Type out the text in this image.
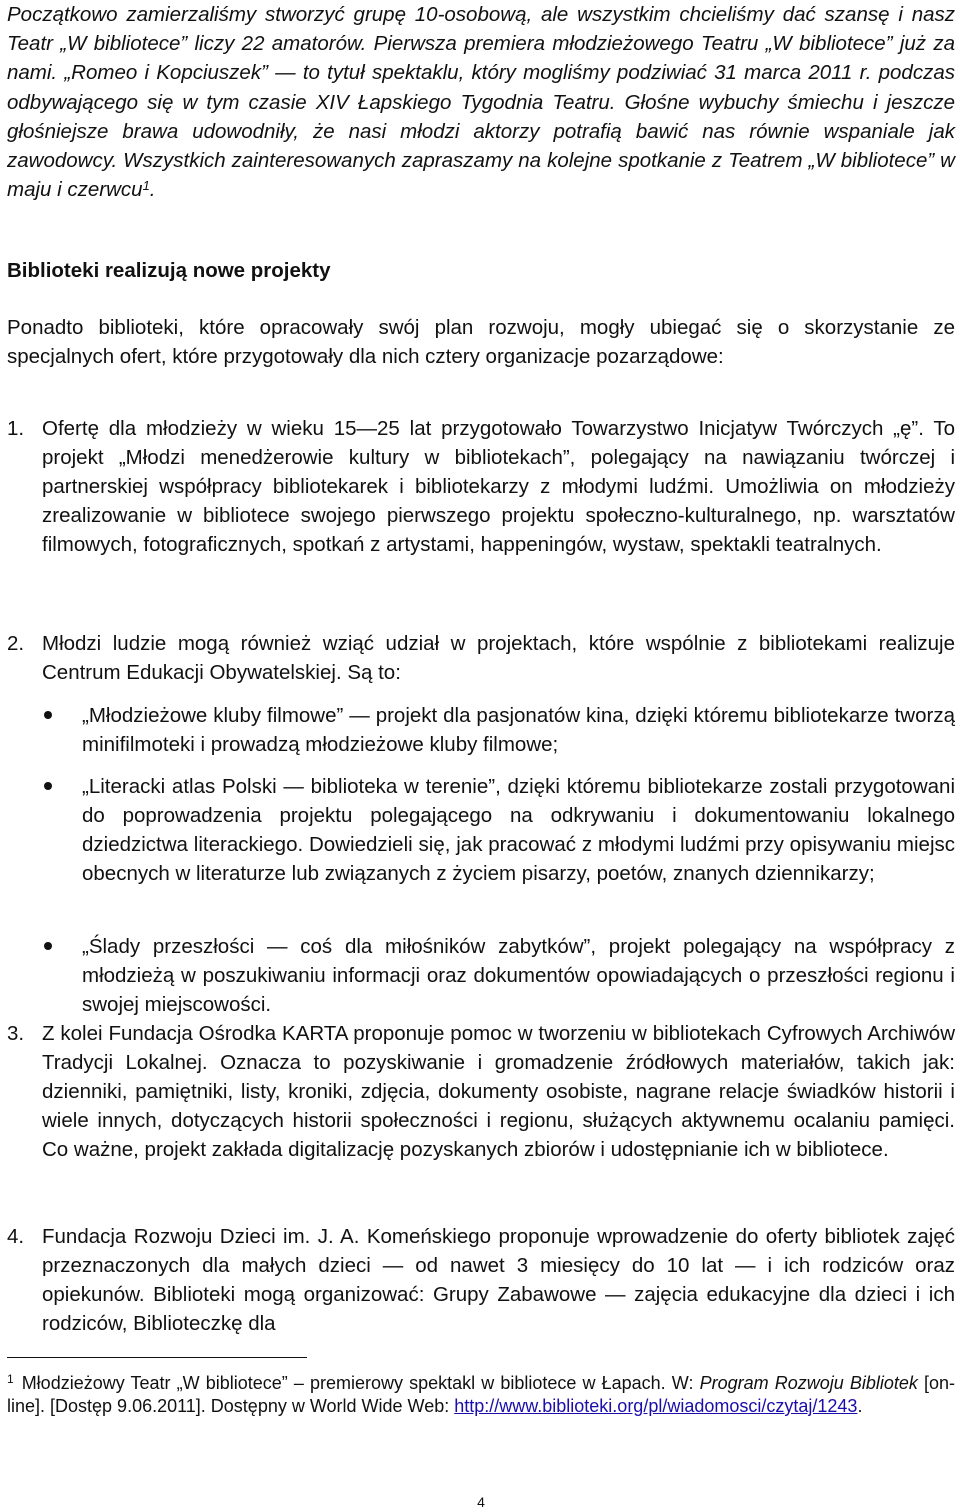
Początkowo zamierzaliśmy stworzyć grupę 10-osobową, ale wszystkim chcieliśmy dać szansę i nasz Teatr „W bibliotece” liczy 22 amatorów. Pierwsza premiera młodzieżowego Teatru „W bibliotece” już za nami. „Romeo i Kopciuszek” — to tytuł spektaklu, który mogliśmy podziwiać 31 marca 2011 r. podczas odbywającego się w tym czasie XIV Łapskiego Tygodnia Teatru. Głośne wybuchy śmiechu i jeszcze głośniejsze brawa udowodniły, że nasi młodzi aktorzy potrafią bawić nas równie wspaniale jak zawodowcy. Wszystkich zainteresowanych zapraszamy na kolejne spotkanie z Teatrem „W bibliotece” w maju i czerwcu$^1$.

Biblioteki realizują nowe projekty

Ponadto biblioteki, które opracowały swój plan rozwoju, mogły ubiegać się o skorzystanie ze specjalnych ofert, które przygotowały dla nich cztery organizacje pozarządowe:

1. Ofertę dla młodzieży w wieku 15—25 lat przygotowało Towarzystwo Inicjatyw Twórczych „ę”. To projekt „Młodzi menedżerowie kultury w bibliotekach”, polegający na nawiązaniu twórczej i partnerskiej współpracy bibliotekarek i bibliotekarzy z młodymi ludźmi. Umożliwia on młodzieży zrealizowanie w bibliotece swojego pierwszego projektu społeczno-kulturalnego, np. warsztatów filmowych, fotograficznych, spotkań z artystami, happeningów, wystaw, spektakli teatralnych.

2. Młodzi ludzie mogą również wziąć udział w projektach, które wspólnie z bibliotekami realizuje Centrum Edukacji Obywatelskiej. Są to:

„Młodzieżowe kluby filmowe” — projekt dla pasjonatów kina, dzięki któremu bibliotekarze tworzą minifilmoteki i prowadzą młodzieżowe kluby filmowe;

„Literacki atlas Polski — biblioteka w terenie”, dzięki któremu bibliotekarze zostali przygotowani do poprowadzenia projektu polegającego na odkrywaniu i dokumentowaniu lokalnego dziedzictwa literackiego. Dowiedzieli się, jak pracować z młodymi ludźmi przy opisywaniu miejsc obecnych w literaturze lub związanych z życiem pisarzy, poetów, znanych dziennikarzy;

„Ślady przeszłości — coś dla miłośników zabytków”, projekt polegający na współpracy z młodzieżą w poszukiwaniu informacji oraz dokumentów opowiadających o przeszłości regionu i swojej miejscowości.

3. Z kolei Fundacja Ośrodka KARTA proponuje pomoc w tworzeniu w bibliotekach Cyfrowych Archiwów Tradycji Lokalnej. Oznacza to pozyskiwanie i gromadzenie źródłowych materiałów, takich jak: dzienniki, pamiętniki, listy, kroniki, zdjęcia, dokumenty osobiste, nagrane relacje świadków historii i wiele innych, dotyczących historii społeczności i regionu, służących aktywnemu ocalaniu pamięci. Co ważne, projekt zakłada digitalizację pozyskanych zbiorów i udostępnianie ich w bibliotece.

4. Fundacja Rozwoju Dzieci im. J. A. Komeńskiego proponuje wprowadzenie do oferty bibliotek zajęć przeznaczonych dla małych dzieci — od nawet 3 miesięcy do 10 lat — i ich rodziców oraz opiekunów. Biblioteki mogą organizować: Grupy Zabawowe — zajęcia edukacyjne dla dzieci i ich rodziców, Biblioteczkę dla

$^1$ Młodzieżowy Teatr „W bibliotece” – premierowy spektakl w bibliotece w Łapach. W: Program Rozwoju Bibliotek [on-line]. [Dostęp 9.06.2011]. Dostępny w World Wide Web: http://www.biblioteki.org/pl/wiadomosci/czytaj/1243.

4
